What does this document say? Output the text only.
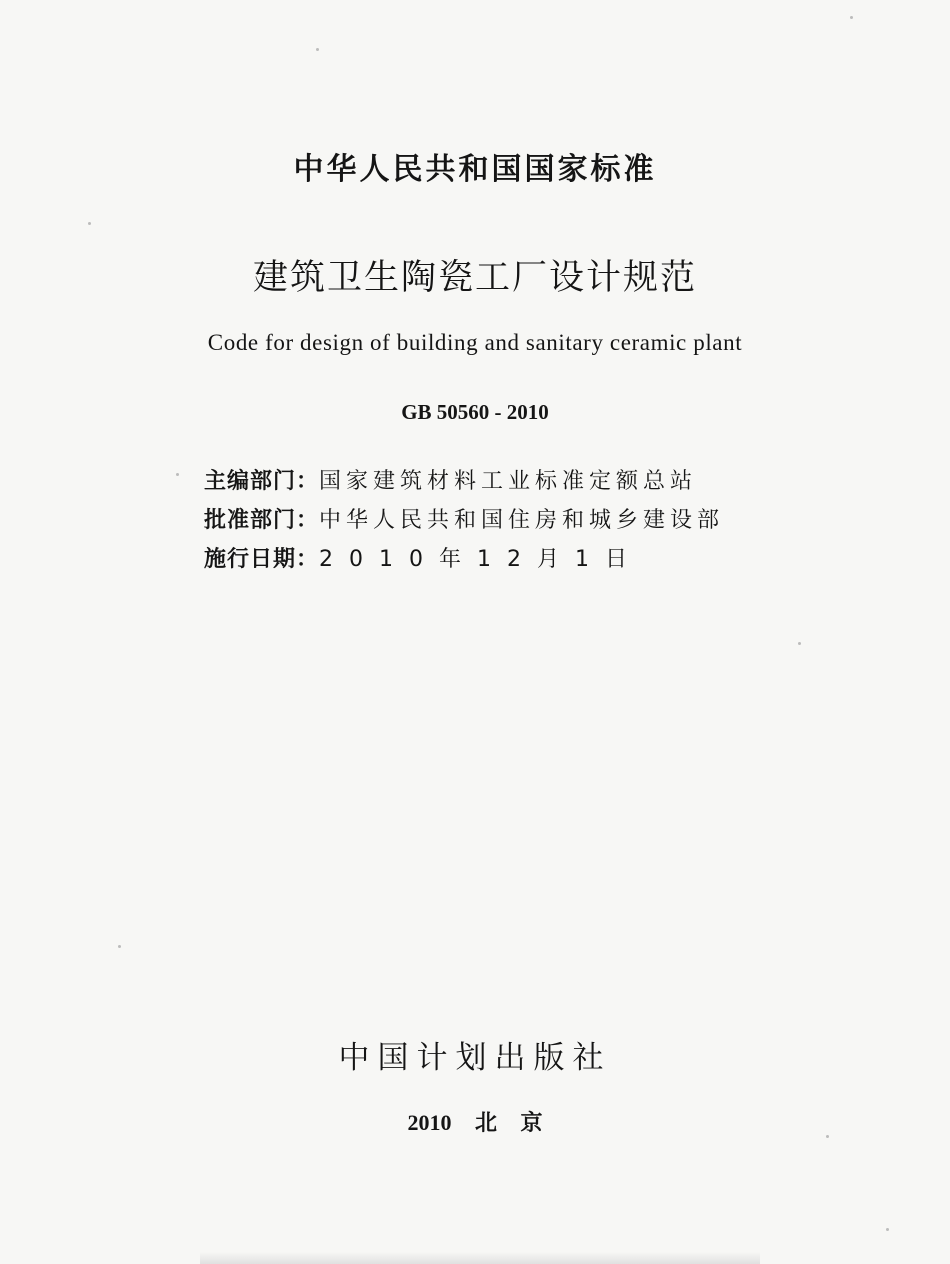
中华人民共和国国家标准
建筑卫生陶瓷工厂设计规范
Code for design of building and sanitary ceramic plant
GB 50560 - 2010
主编部门：国家建筑材料工业标准定额总站
批准部门：中华人民共和国住房和城乡建设部
施行日期：2010年12月1日
中国计划出版社
2010 北 京
